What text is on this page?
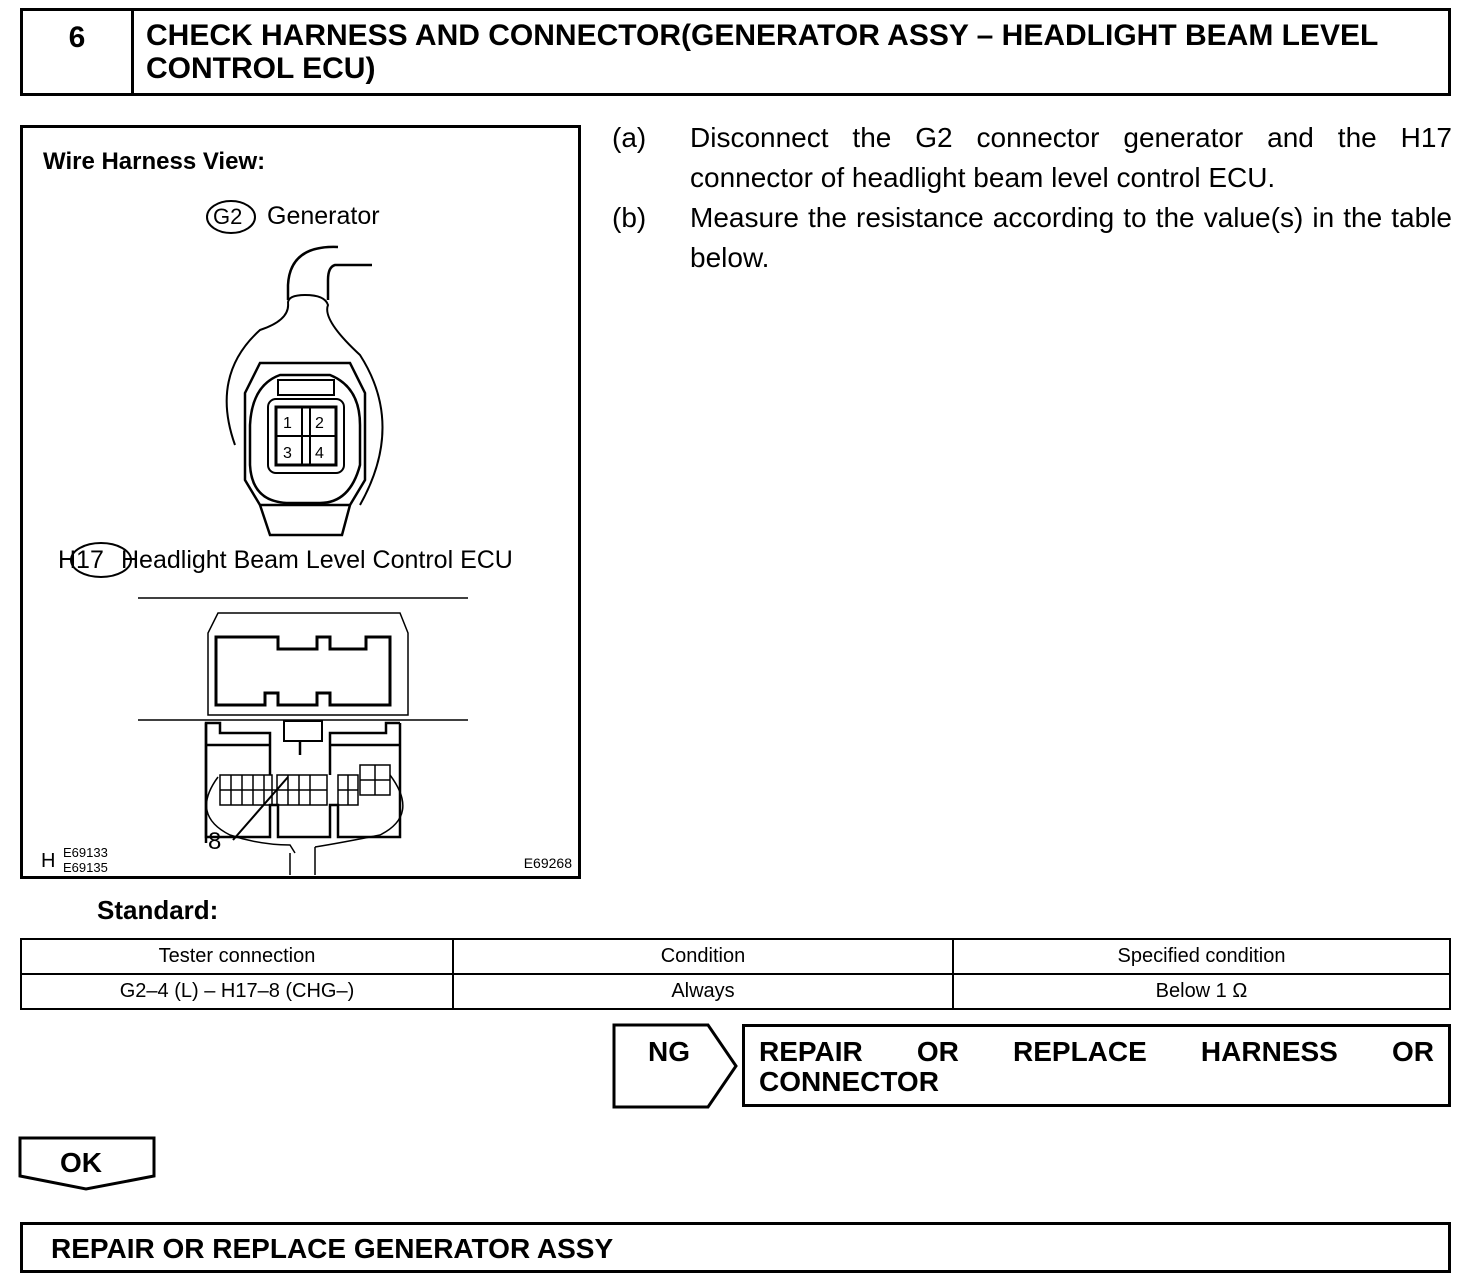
6	CHECK HARNESS AND CONNECTOR(GENERATOR ASSY – HEADLIGHT BEAM LEVEL CONTROL ECU)
Wire Harness View:
1 2
3 4
Generator
G2
H17 Headlight Beam Level Control ECU
8
H E69133
E69135	E69268
(a) Disconnect the G2 connector generator and the H17 connector of headlight beam level control ECU.
(b) Measure the resistance according to the value(s) in the table below.
Standard:
Tester connection	Condition	Specified condition
G2–4 (L) – H17–8 (CHG–)	Always	Below 1 Ω
NG	REPAIR OR REPLACE HARNESS OR CONNECTOR
OK
REPAIR OR REPLACE GENERATOR ASSY
